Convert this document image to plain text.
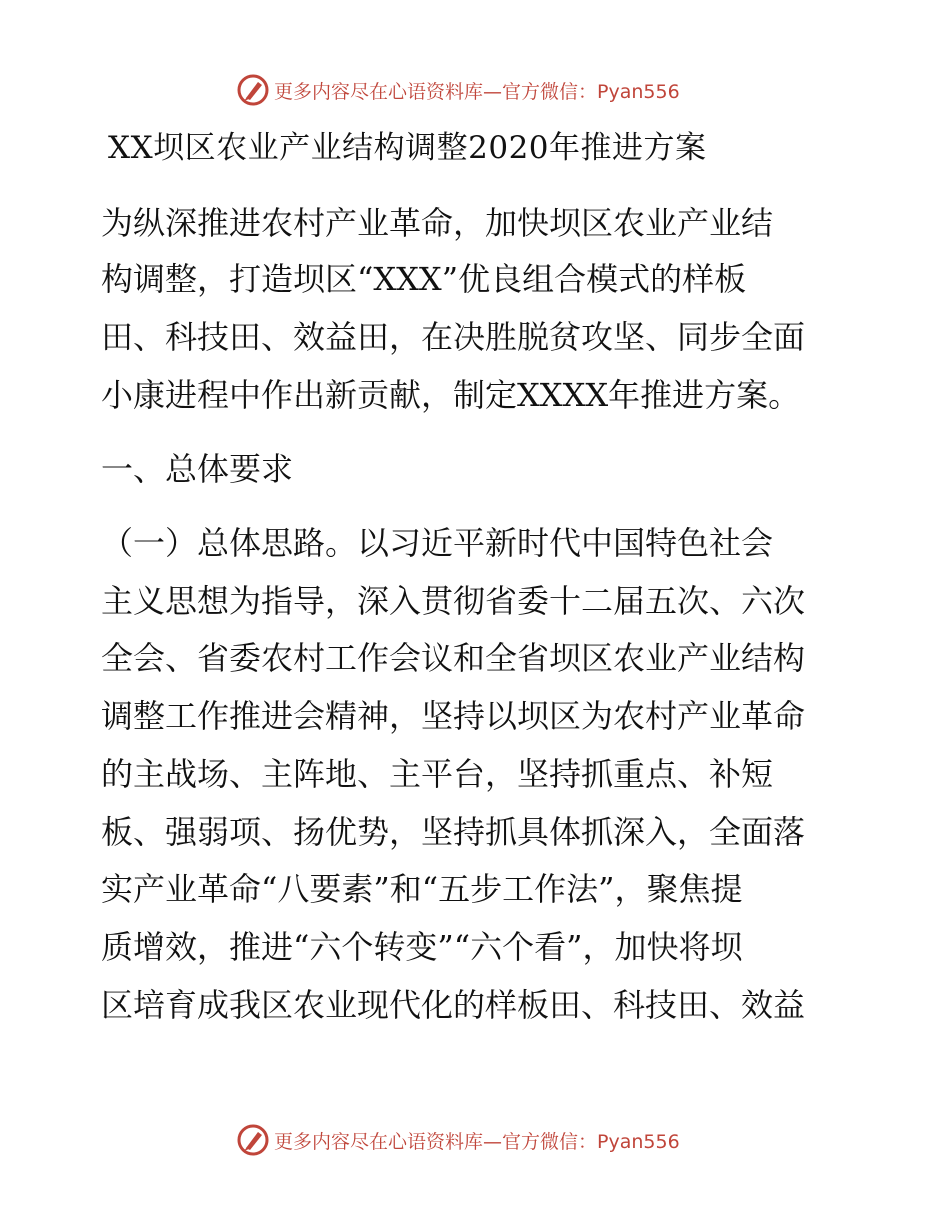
更多内容尽在心语资料库—官方微信：Pyan556
XX坝区农业产业结构调整2020年推进方案
为纵深推进农村产业革命，加快坝区农业产业结
构调整，打造坝区“XXX”优良组合模式的样板
田、科技田、效益田，在决胜脱贫攻坚、同步全面
小康进程中作出新贡献，制定XXXX年推进方案。
一、总体要求
（一）总体思路。以习近平新时代中国特色社会
主义思想为指导，深入贯彻省委十二届五次、六次
全会、省委农村工作会议和全省坝区农业产业结构
调整工作推进会精神，坚持以坝区为农村产业革命
的主战场、主阵地、主平台，坚持抓重点、补短
板、强弱项、扬优势，坚持抓具体抓深入，全面落
实产业革命“八要素”和“五步工作法”，聚焦提
质增效，推进“六个转变”“六个看”，加快将坝
区培育成我区农业现代化的样板田、科技田、效益
更多内容尽在心语资料库—官方微信：Pyan556
